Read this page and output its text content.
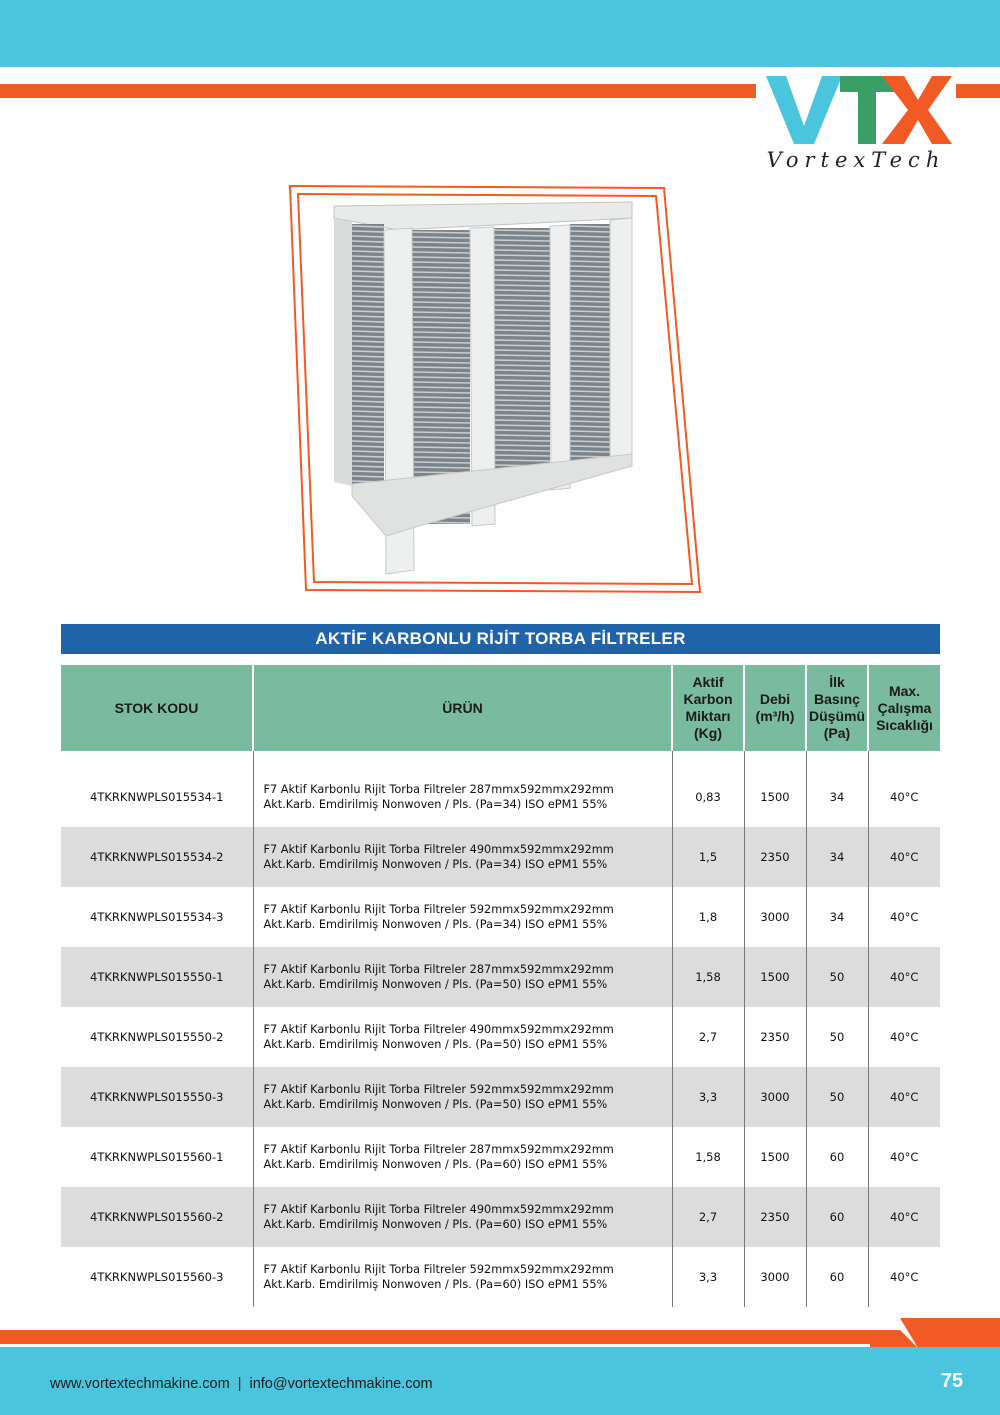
VortexTech
AKTİF KARBONLU RİJİT TORBA FİLTRELER
STOK KODU	ÜRÜN	Aktif
Karbon
Miktarı
(Kg)	Debi
(m³/h)	İlk
Basınç
Düşümü
(Pa)	Max.
Çalışma
Sıcaklığı

4TKRKNWPLS015534-1	F7 Aktif Karbonlu Rijit Torba Filtreler 287mmx592mmx292mm
Akt.Karb. Emdirilmiş Nonwoven / Pls. (Pa=34) ISO ePM1 55%	0,83	1500	34	40°C
4TKRKNWPLS015534-2	F7 Aktif Karbonlu Rijit Torba Filtreler 490mmx592mmx292mm
Akt.Karb. Emdirilmiş Nonwoven / Pls. (Pa=34) ISO ePM1 55%	1,5	2350	34	40°C
4TKRKNWPLS015534-3	F7 Aktif Karbonlu Rijit Torba Filtreler 592mmx592mmx292mm
Akt.Karb. Emdirilmiş Nonwoven / Pls. (Pa=34) ISO ePM1 55%	1,8	3000	34	40°C
4TKRKNWPLS015550-1	F7 Aktif Karbonlu Rijit Torba Filtreler 287mmx592mmx292mm
Akt.Karb. Emdirilmiş Nonwoven / Pls. (Pa=50) ISO ePM1 55%	1,58	1500	50	40°C
4TKRKNWPLS015550-2	F7 Aktif Karbonlu Rijit Torba Filtreler 490mmx592mmx292mm
Akt.Karb. Emdirilmiş Nonwoven / Pls. (Pa=50) ISO ePM1 55%	2,7	2350	50	40°C
4TKRKNWPLS015550-3	F7 Aktif Karbonlu Rijit Torba Filtreler 592mmx592mmx292mm
Akt.Karb. Emdirilmiş Nonwoven / Pls. (Pa=50) ISO ePM1 55%	3,3	3000	50	40°C
4TKRKNWPLS015560-1	F7 Aktif Karbonlu Rijit Torba Filtreler 287mmx592mmx292mm
Akt.Karb. Emdirilmiş Nonwoven / Pls. (Pa=60) ISO ePM1 55%	1,58	1500	60	40°C
4TKRKNWPLS015560-2	F7 Aktif Karbonlu Rijit Torba Filtreler 490mmx592mmx292mm
Akt.Karb. Emdirilmiş Nonwoven / Pls. (Pa=60) ISO ePM1 55%	2,7	2350	60	40°C
4TKRKNWPLS015560-3	F7 Aktif Karbonlu Rijit Torba Filtreler 592mmx592mmx292mm
Akt.Karb. Emdirilmiş Nonwoven / Pls. (Pa=60) ISO ePM1 55%	3,3	3000	60	40°C
www.vortextechmakine.com | info@vortextechmakine.com	75
